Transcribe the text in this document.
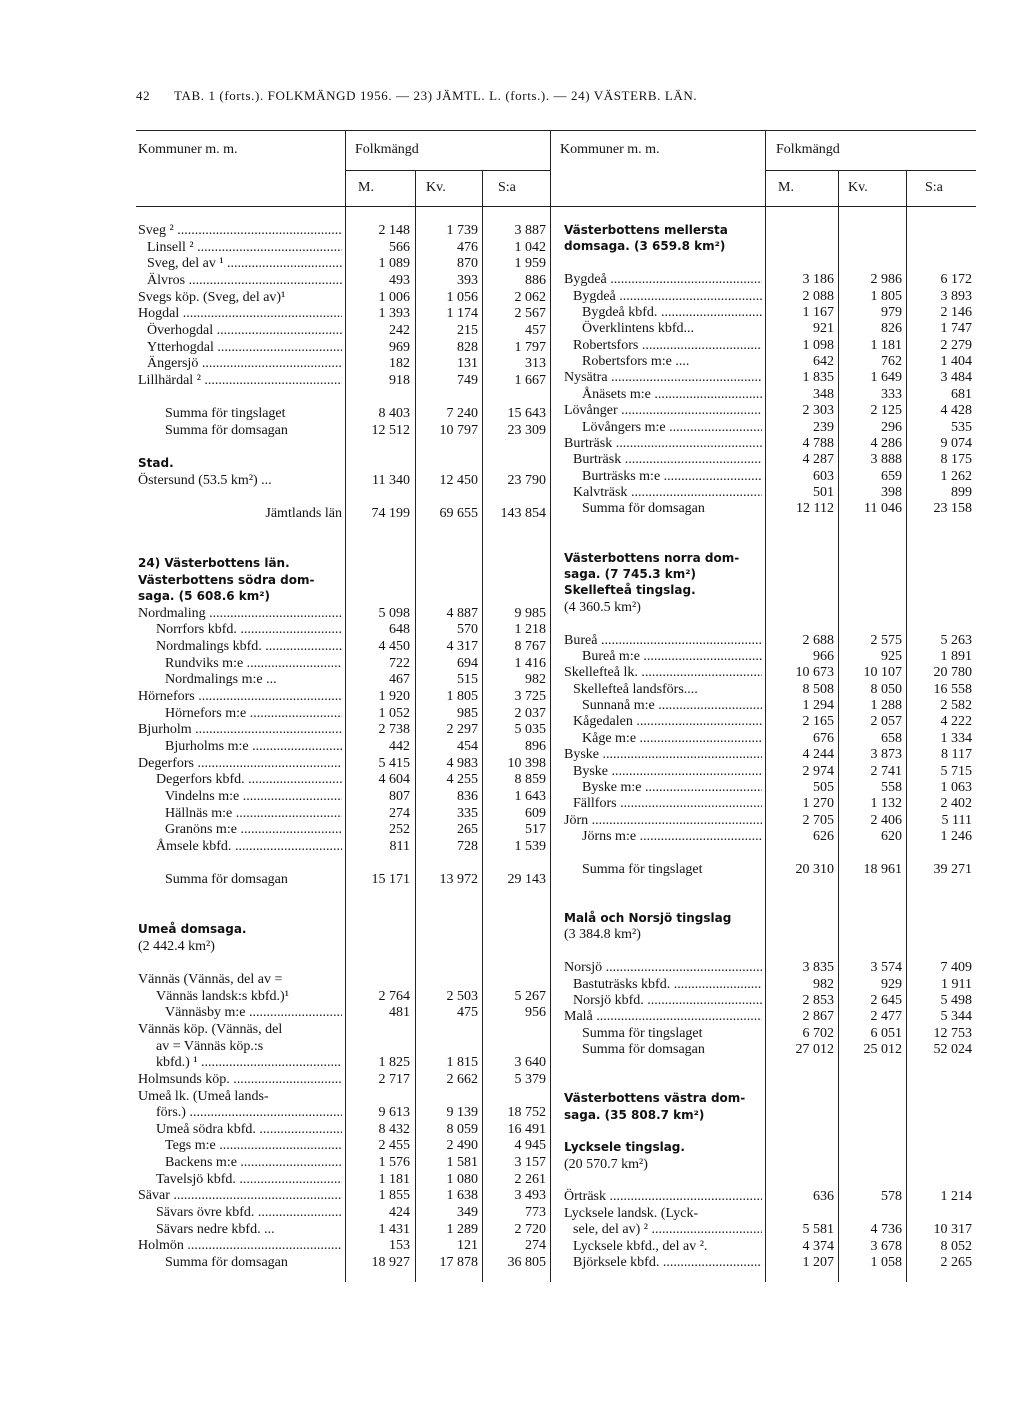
42 TAB. 1 (forts.). FOLKMÄNGD 1956. — 23) JÄMTL. L. (forts.). — 24) VÄSTERB. LÄN.
Kommuner m. m.	Folkmängd
M.	Kv.	S:a
Kommuner m. m.	Folkmängd
M.	Kv.	S:a
Sveg ² .....	2 148	1 739	3 887
Linsell ² .....	566	476	1 042
Sveg, del av ¹ .....	1 089	870	1 959
Älvros .....	493	393	886
Svegs köp. (Sveg, del av)¹	1 006	1 056	2 062
Hogdal .....	1 393	1 174	2 567
Överhogdal .....	242	215	457
Ytterhogdal .....	969	828	1 797
Ängersjö .....	182	131	313
Lillhärdal ² .....	918	749	1 667
Summa för tingslaget	8 403	7 240	15 643
Summa för domsagan	12 512	10 797	23 309
Stad.
Östersund (53.5 km²) ...	11 340	12 450	23 790
Jämtlands län	74 199	69 655	143 854
24) Västerbottens län.
Västerbottens södra dom-
saga. (5 608.6 km²)
Nordmaling .....	5 098	4 887	9 985
Norrfors kbfd. .....	648	570	1 218
Nordmalings kbfd. .....	4 450	4 317	8 767
Rundviks m:e .....	722	694	1 416
Nordmalings m:e ...	467	515	982
Hörnefors .....	1 920	1 805	3 725
Hörnefors m:e .....	1 052	985	2 037
Bjurholm .....	2 738	2 297	5 035
Bjurholms m:e .....	442	454	896
Degerfors .....	5 415	4 983	10 398
Degerfors kbfd. .....	4 604	4 255	8 859
Vindelns m:e .....	807	836	1 643
Hällnäs m:e .....	274	335	609
Granöns m:e .....	252	265	517
Åmsele kbfd. .....	811	728	1 539
Summa för domsagan	15 171	13 972	29 143
Umeå domsaga.
(2 442.4 km²)
Vännäs (Vännäs, del av =
Vännäs landsk:s kbfd.)¹	2 764	2 503	5 267
Vännäsby m:e .....	481	475	956
Vännäs köp. (Vännäs, del
av = Vännäs köp.:s
kbfd.) ¹ .....	1 825	1 815	3 640
Holmsunds köp. .....	2 717	2 662	5 379
Umeå lk. (Umeå lands-
förs.) .....	9 613	9 139	18 752
Umeå södra kbfd. .....	8 432	8 059	16 491
Tegs m:e .....	2 455	2 490	4 945
Backens m:e .....	1 576	1 581	3 157
Tavelsjö kbfd. .....	1 181	1 080	2 261
Sävar .....	1 855	1 638	3 493
Sävars övre kbfd. .....	424	349	773
Sävars nedre kbfd. ...	1 431	1 289	2 720
Holmön .....	153	121	274
Summa för domsagan	18 927	17 878	36 805
Västerbottens mellersta
domsaga. (3 659.8 km²)
Bygdeå .....	3 186	2 986	6 172
Bygdeå .....	2 088	1 805	3 893
Bygdeå kbfd. .....	1 167	979	2 146
Överklintens kbfd...	921	826	1 747
Robertsfors .....	1 098	1 181	2 279
Robertsfors m:e ....	642	762	1 404
Nysätra .....	1 835	1 649	3 484
Ånäsets m:e .....	348	333	681
Lövånger .....	2 303	2 125	4 428
Lövångers m:e .....	239	296	535
Burträsk .....	4 788	4 286	9 074
Burträsk .....	4 287	3 888	8 175
Burträsks m:e .....	603	659	1 262
Kalvträsk .....	501	398	899
Summa för domsagan	12 112	11 046	23 158
Västerbottens norra dom-
saga. (7 745.3 km²)
Skellefteå tingslag.
(4 360.5 km²)
Bureå .....	2 688	2 575	5 263
Bureå m:e .....	966	925	1 891
Skellefteå lk. .....	10 673	10 107	20 780
Skellefteå landsförs....	8 508	8 050	16 558
Sunnanå m:e .....	1 294	1 288	2 582
Kågedalen .....	2 165	2 057	4 222
Kåge m:e .....	676	658	1 334
Byske .....	4 244	3 873	8 117
Byske .....	2 974	2 741	5 715
Byske m:e .....	505	558	1 063
Fällfors .....	1 270	1 132	2 402
Jörn .....	2 705	2 406	5 111
Jörns m:e .....	626	620	1 246
Summa för tingslaget	20 310	18 961	39 271
Malå och Norsjö tingslag
(3 384.8 km²)
Norsjö .....	3 835	3 574	7 409
Bastuträsks kbfd. .....	982	929	1 911
Norsjö kbfd. .....	2 853	2 645	5 498
Malå .....	2 867	2 477	5 344
Summa för tingslaget	6 702	6 051	12 753
Summa för domsagan	27 012	25 012	52 024
Västerbottens västra dom-
saga. (35 808.7 km²)
Lycksele tingslag.
(20 570.7 km²)
Örträsk .....	636	578	1 214
Lycksele landsk. (Lyck-
sele, del av) ² .....	5 581	4 736	10 317
Lycksele kbfd., del av ².	4 374	3 678	8 052
Björksele kbfd. .....	1 207	1 058	2 265
